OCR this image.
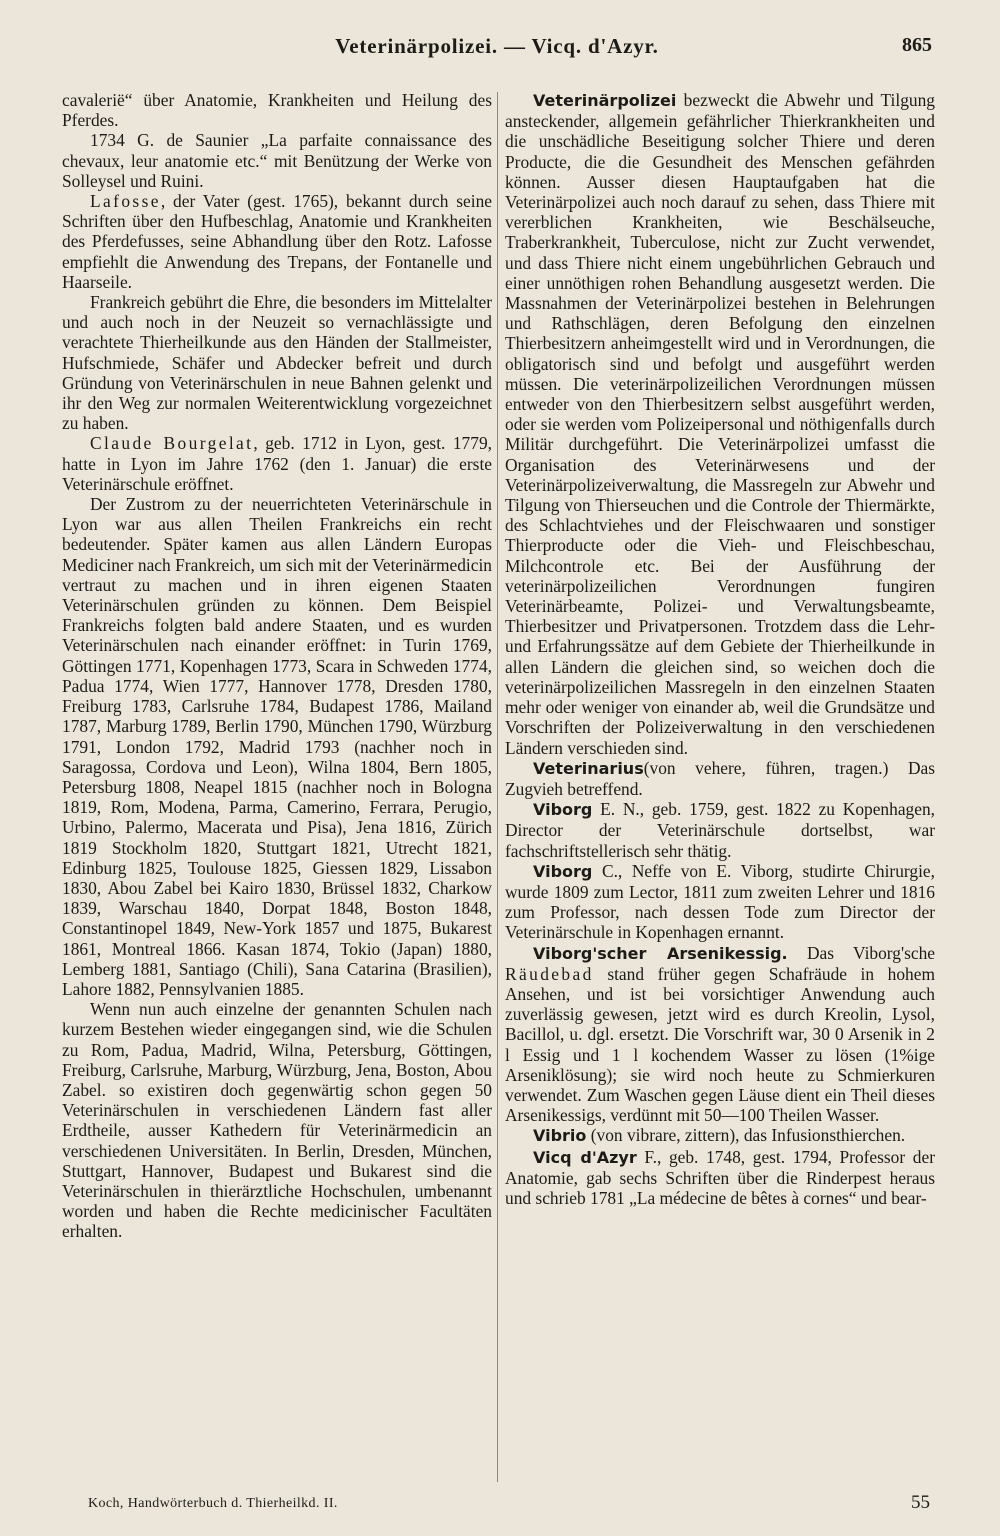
Veterinärpolizei. — Vicq. d'Azyr.	865

cavalerië“ über Anatomie, Krankheiten und Heilung des Pferdes.

1734 G. de Saunier „La parfaite connaissance des chevaux, leur anatomie etc.“ mit Benützung der Werke von Solleysel und Ruini.

Lafosse, der Vater (gest. 1765), bekannt durch seine Schriften über den Hufbeschlag, Anatomie und Krankheiten des Pferdefusses, seine Abhandlung über den Rotz. Lafosse empfiehlt die Anwendung des Trepans, der Fontanelle und Haarseile.

Frankreich gebührt die Ehre, die besonders im Mittelalter und auch noch in der Neuzeit so vernachlässigte und verachtete Thierheilkunde aus den Händen der Stallmeister, Hufschmiede, Schäfer und Abdecker befreit und durch Gründung von Veterinärschulen in neue Bahnen gelenkt und ihr den Weg zur normalen Weiterentwicklung vorgezeichnet zu haben.

Claude Bourgelat, geb. 1712 in Lyon, gest. 1779, hatte in Lyon im Jahre 1762 (den 1. Januar) die erste Veterinärschule eröffnet.

Der Zustrom zu der neuerrichteten Veterinärschule in Lyon war aus allen Theilen Frankreichs ein recht bedeutender. Später kamen aus allen Ländern Europas Mediciner nach Frankreich, um sich mit der Veterinärmedicin vertraut zu machen und in ihren eigenen Staaten Veterinärschulen gründen zu können. Dem Beispiel Frankreichs folgten bald andere Staaten, und es wurden Veterinärschulen nach einander eröffnet: in Turin 1769, Göttingen 1771, Kopenhagen 1773, Scara in Schweden 1774, Padua 1774, Wien 1777, Hannover 1778, Dresden 1780, Freiburg 1783, Carlsruhe 1784, Budapest 1786, Mailand 1787, Marburg 1789, Berlin 1790, München 1790, Würzburg 1791, London 1792, Madrid 1793 (nachher noch in Saragossa, Cordova und Leon), Wilna 1804, Bern 1805, Petersburg 1808, Neapel 1815 (nachher noch in Bologna 1819, Rom, Modena, Parma, Camerino, Ferrara, Perugio, Urbino, Palermo, Macerata und Pisa), Jena 1816, Zürich 1819 Stockholm 1820, Stuttgart 1821, Utrecht 1821, Edinburg 1825, Toulouse 1825, Giessen 1829, Lissabon 1830, Abou Zabel bei Kairo 1830, Brüssel 1832, Charkow 1839, Warschau 1840, Dorpat 1848, Boston 1848, Constantinopel 1849, New-York 1857 und 1875, Bukarest 1861, Montreal 1866. Kasan 1874, Tokio (Japan) 1880, Lemberg 1881, Santiago (Chili), Sana Catarina (Brasilien), Lahore 1882, Pennsylvanien 1885.

Wenn nun auch einzelne der genannten Schulen nach kurzem Bestehen wieder eingegangen sind, wie die Schulen zu Rom, Padua, Madrid, Wilna, Petersburg, Göttingen, Freiburg, Carlsruhe, Marburg, Würzburg, Jena, Boston, Abou Zabel. so existiren doch gegenwärtig schon gegen 50 Veterinärschulen in verschiedenen Ländern fast aller Erdtheile, ausser Kathedern für Veterinärmedicin an verschiedenen Universitäten. In Berlin, Dresden, München, Stuttgart, Hannover, Budapest und Bukarest sind die Veterinärschulen in thierärztliche Hochschulen, umbenannt worden und haben die Rechte medicinischer Facultäten erhalten.

Veterinärpolizei bezweckt die Abwehr und Tilgung ansteckender, allgemein gefährlicher Thierkrankheiten und die unschädliche Beseitigung solcher Thiere und deren Producte, die die Gesundheit des Menschen gefährden können. Ausser diesen Hauptaufgaben hat die Veterinärpolizei auch noch darauf zu sehen, dass Thiere mit vererblichen Krankheiten, wie Beschälseuche, Traberkrankheit, Tuberculose, nicht zur Zucht verwendet, und dass Thiere nicht einem ungebührlichen Gebrauch und einer unnöthigen rohen Behandlung ausgesetzt werden. Die Massnahmen der Veterinärpolizei bestehen in Belehrungen und Rathschlägen, deren Befolgung den einzelnen Thierbesitzern anheimgestellt wird und in Verordnungen, die obligatorisch sind und befolgt und ausgeführt werden müssen. Die veterinärpolizeilichen Verordnungen müssen entweder von den Thierbesitzern selbst ausgeführt werden, oder sie werden vom Polizeipersonal und nöthigenfalls durch Militär durchgeführt. Die Veterinärpolizei umfasst die Organisation des Veterinärwesens und der Veterinärpolizeiverwaltung, die Massregeln zur Abwehr und Tilgung von Thierseuchen und die Controle der Thiermärkte, des Schlachtviehes und der Fleischwaaren und sonstiger Thierproducte oder die Vieh- und Fleischbeschau, Milchcontrole etc. Bei der Ausführung der veterinärpolizeilichen Verordnungen fungiren Veterinärbeamte, Polizei- und Verwaltungsbeamte, Thierbesitzer und Privatpersonen. Trotzdem dass die Lehr- und Erfahrungssätze auf dem Gebiete der Thierheilkunde in allen Ländern die gleichen sind, so weichen doch die veterinärpolizeilichen Massregeln in den einzelnen Staaten mehr oder weniger von einander ab, weil die Grundsätze und Vorschriften der Polizeiverwaltung in den verschiedenen Ländern verschieden sind.

Veterinarius(von vehere, führen, tragen.) Das Zugvieh betreffend.

Viborg E. N., geb. 1759, gest. 1822 zu Kopenhagen, Director der Veterinärschule dortselbst, war fachschriftstellerisch sehr thätig.

Viborg C., Neffe von E. Viborg, studirte Chirurgie, wurde 1809 zum Lector, 1811 zum zweiten Lehrer und 1816 zum Professor, nach dessen Tode zum Director der Veterinärschule in Kopenhagen ernannt.

Viborg'scher Arsenikessig. Das Viborg'sche Räudebad stand früher gegen Schafräude in hohem Ansehen, und ist bei vorsichtiger Anwendung auch zuverlässig gewesen, jetzt wird es durch Kreolin, Lysol, Bacillol, u. dgl. ersetzt. Die Vorschrift war, 30 0 Arsenik in 2 l Essig und 1 l kochendem Wasser zu lösen (1%ige Arseniklösung); sie wird noch heute zu Schmierkuren verwendet. Zum Waschen gegen Läuse dient ein Theil dieses Arsenikessigs, verdünnt mit 50—100 Theilen Wasser.

Vibrio (von vibrare, zittern), das Infusionsthierchen.

Vicq d'Azyr F., geb. 1748, gest. 1794, Professor der Anatomie, gab sechs Schriften über die Rinderpest heraus und schrieb 1781 „La médecine de bêtes à cornes“ und bear-

Koch, Handwörterbuch d. Thierheilkd. II.	55
